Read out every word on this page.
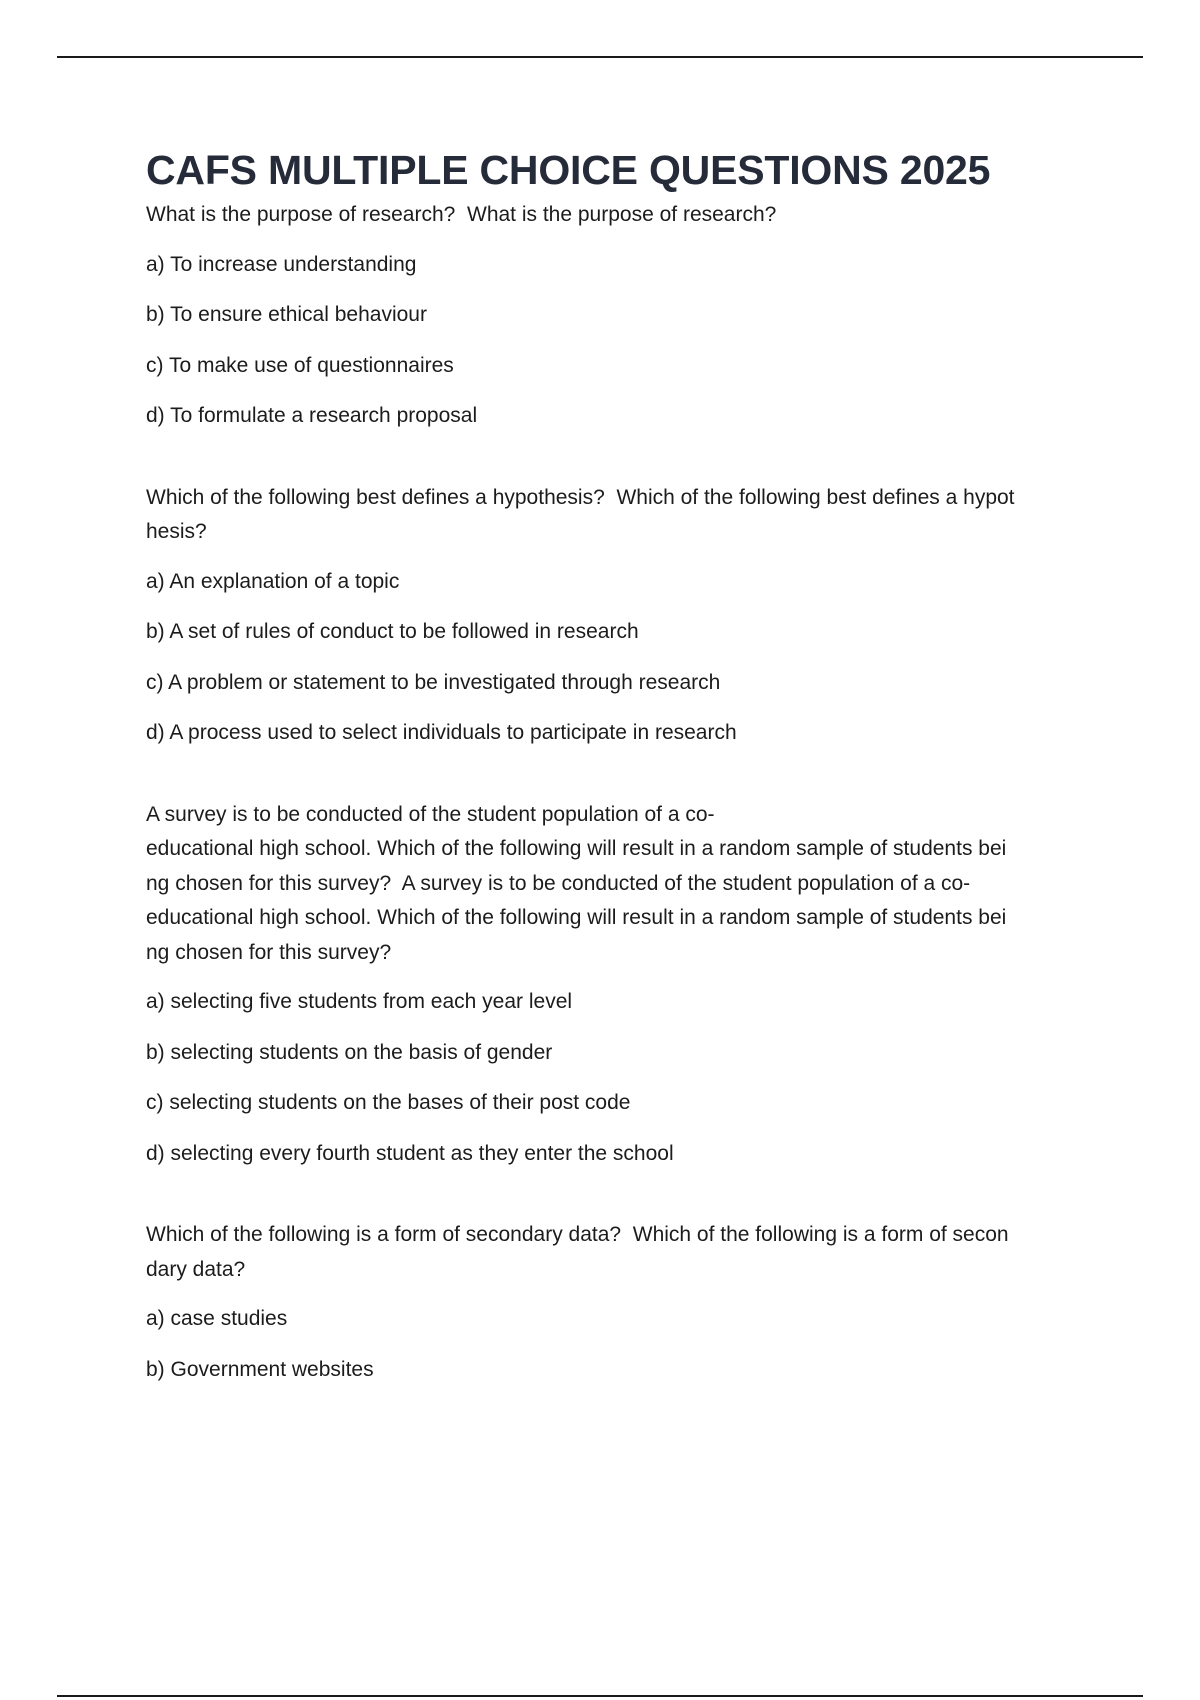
CAFS MULTIPLE CHOICE QUESTIONS 2025

What is the purpose of research?  What is the purpose of research?

a) To increase understanding

b) To ensure ethical behaviour

c) To make use of questionnaires

d) To formulate a research proposal

Which of the following best defines a hypothesis?  Which of the following best defines a hypot
hesis?

a) An explanation of a topic

b) A set of rules of conduct to be followed in research

c) A problem or statement to be investigated through research

d) A process used to select individuals to participate in research

A survey is to be conducted of the student population of a co-
educational high school. Which of the following will result in a random sample of students bei
ng chosen for this survey?  A survey is to be conducted of the student population of a co-
educational high school. Which of the following will result in a random sample of students bei
ng chosen for this survey?

a) selecting five students from each year level

b) selecting students on the basis of gender

c) selecting students on the bases of their post code

d) selecting every fourth student as they enter the school

Which of the following is a form of secondary data?  Which of the following is a form of secon
dary data?

a) case studies

b) Government websites
